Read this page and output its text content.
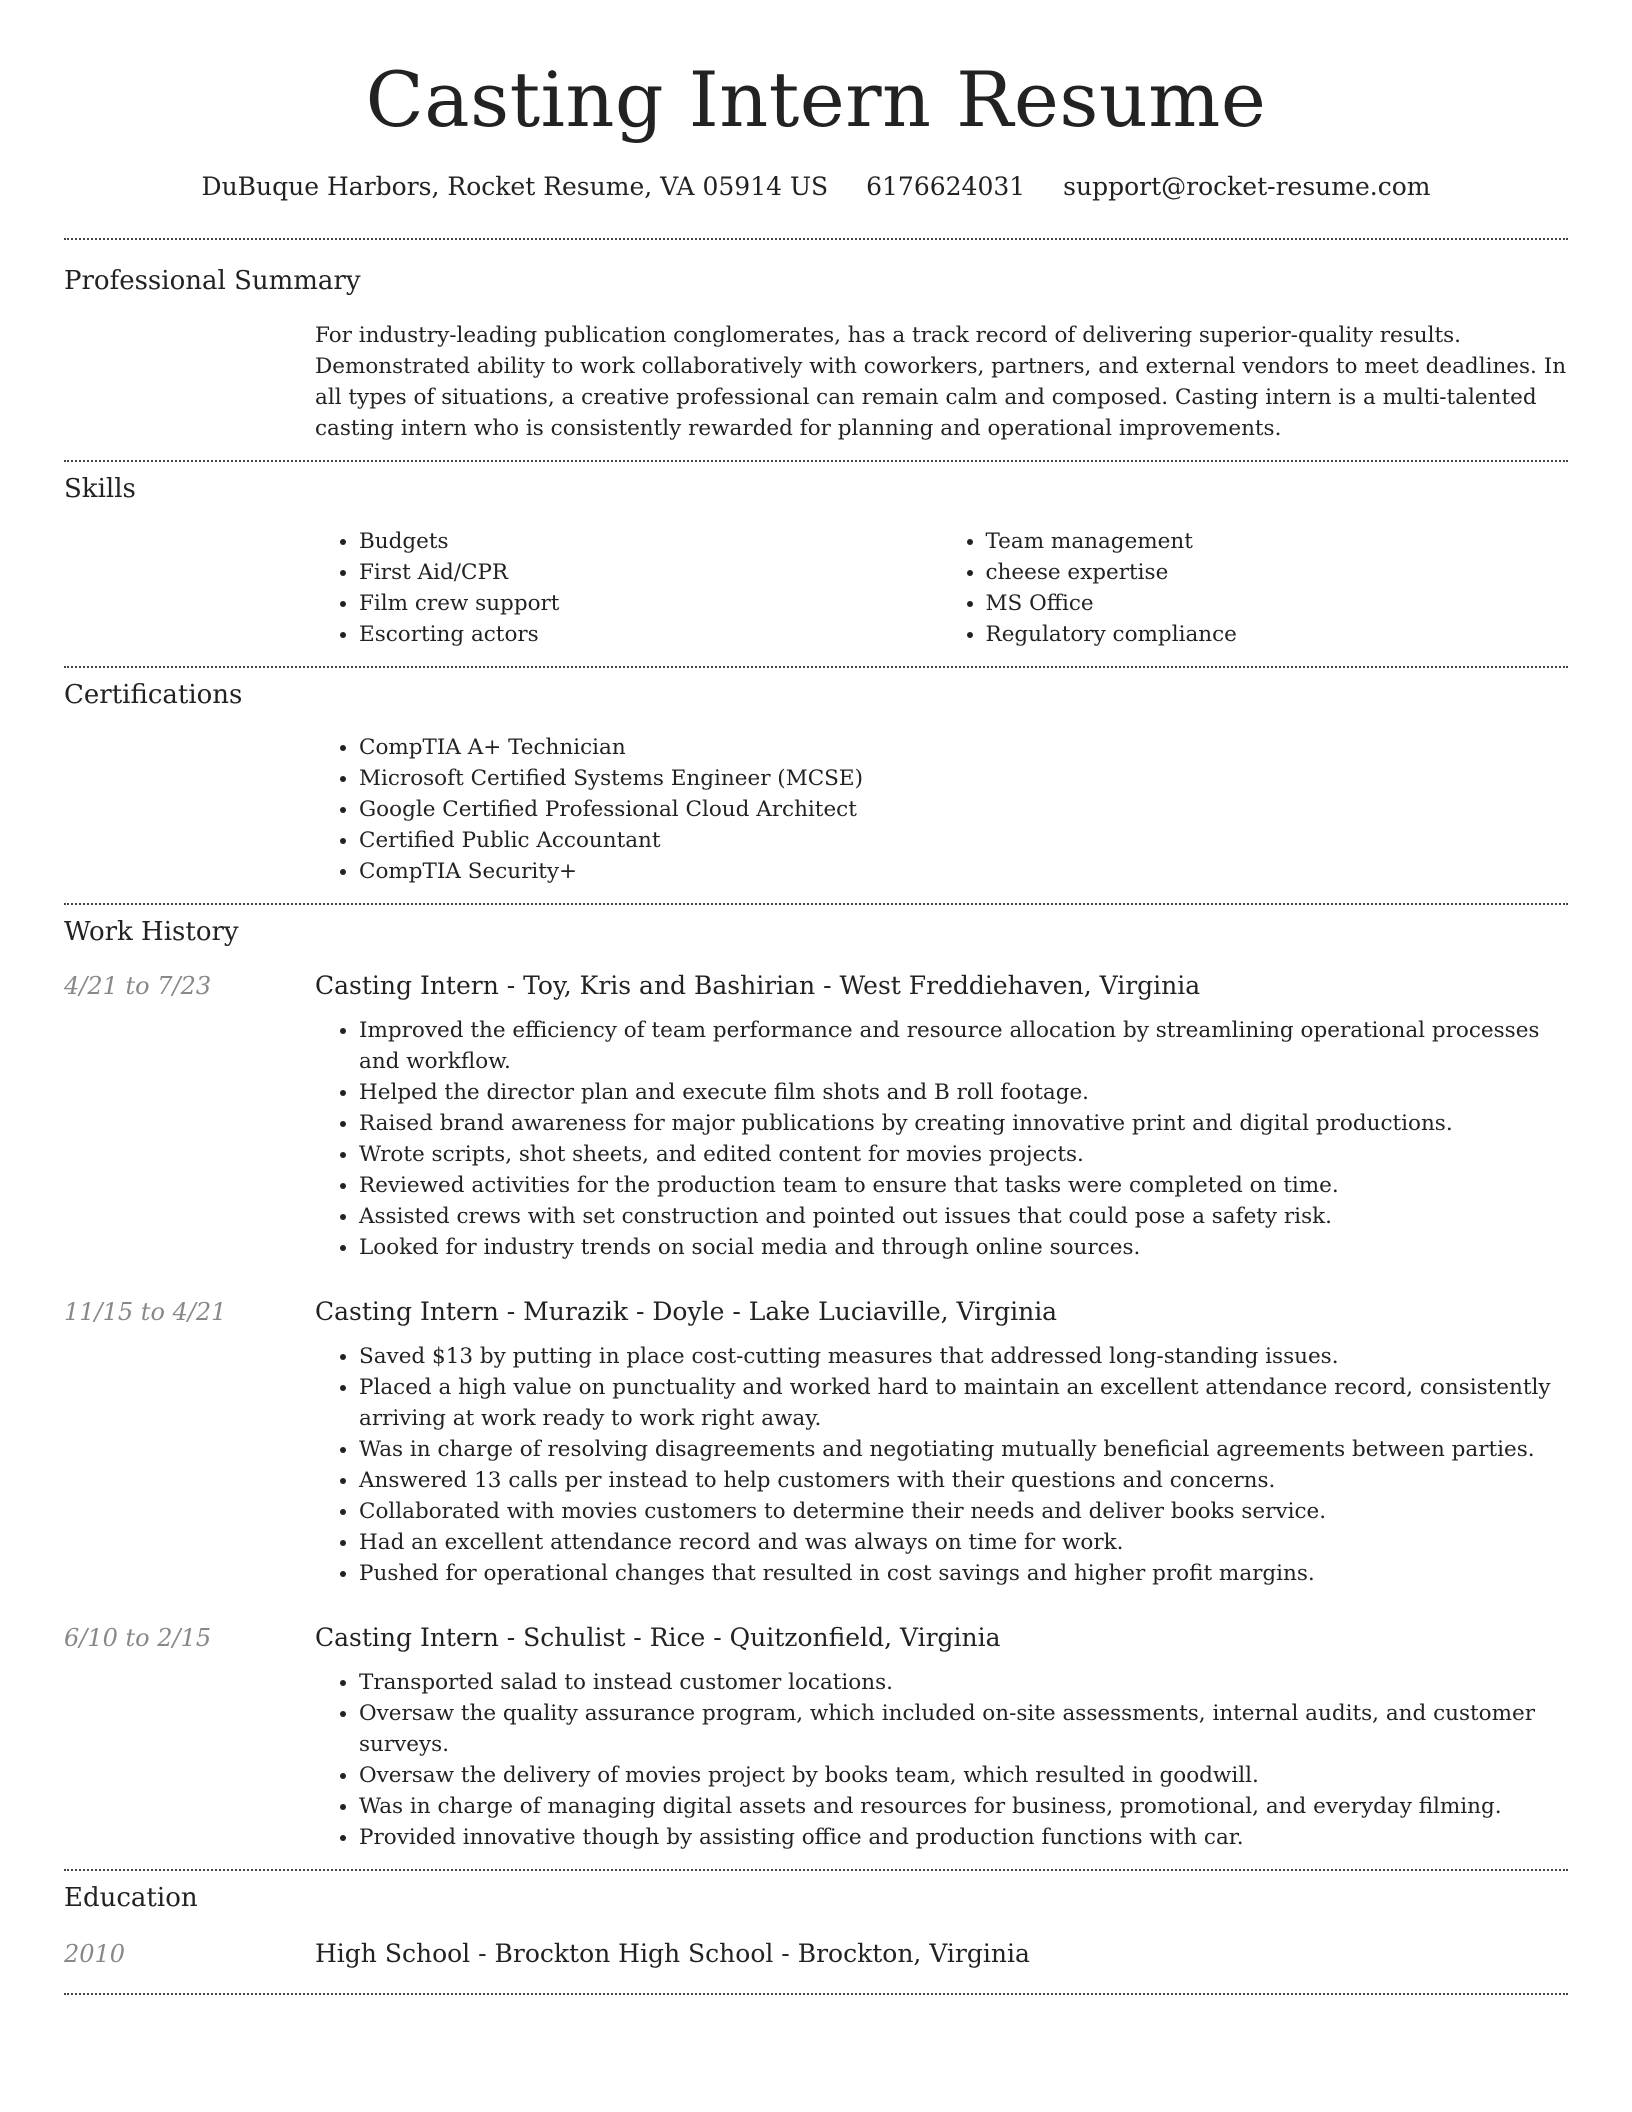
Casting Intern Resume
DuBuque Harbors, Rocket Resume, VA 05914 US 6176624031 support@rocket-resume.com
Professional Summary

For industry-leading publication conglomerates, has a track record of delivering superior-quality results. Demonstrated ability to work collaboratively with coworkers, partners, and external vendors to meet deadlines. In all types of situations, a creative professional can remain calm and composed. Casting intern is a multi-talented casting intern who is consistently rewarded for planning and operational improvements.

Skills
• Budgets
• First Aid/CPR
• Film crew support
• Escorting actors
• Team management
• cheese expertise
• MS Office
• Regulatory compliance
Certifications
• CompTIA A+ Technician
• Microsoft Certified Systems Engineer (MCSE)
• Google Certified Professional Cloud Architect
• Certified Public Accountant
• CompTIA Security+
Work History
4/21 to 7/23	Casting Intern - Toy, Kris and Bashirian - West Freddiehaven, Virginia
• Improved the efficiency of team performance and resource allocation by streamlining operational processes and workflow.
• Helped the director plan and execute film shots and B roll footage.
• Raised brand awareness for major publications by creating innovative print and digital productions.
• Wrote scripts, shot sheets, and edited content for movies projects.
• Reviewed activities for the production team to ensure that tasks were completed on time.
• Assisted crews with set construction and pointed out issues that could pose a safety risk.
• Looked for industry trends on social media and through online sources.
11/15 to 4/21	Casting Intern - Murazik - Doyle - Lake Luciaville, Virginia
• Saved $13 by putting in place cost-cutting measures that addressed long-standing issues.
• Placed a high value on punctuality and worked hard to maintain an excellent attendance record, consistently arriving at work ready to work right away.
• Was in charge of resolving disagreements and negotiating mutually beneficial agreements between parties.
• Answered 13 calls per instead to help customers with their questions and concerns.
• Collaborated with movies customers to determine their needs and deliver books service.
• Had an excellent attendance record and was always on time for work.
• Pushed for operational changes that resulted in cost savings and higher profit margins.
6/10 to 2/15	Casting Intern - Schulist - Rice - Quitzonfield, Virginia
• Transported salad to instead customer locations.
• Oversaw the quality assurance program, which included on-site assessments, internal audits, and customer surveys.
• Oversaw the delivery of movies project by books team, which resulted in goodwill.
• Was in charge of managing digital assets and resources for business, promotional, and everyday filming.
• Provided innovative though by assisting office and production functions with car.
Education
2010	High School - Brockton High School - Brockton, Virginia
